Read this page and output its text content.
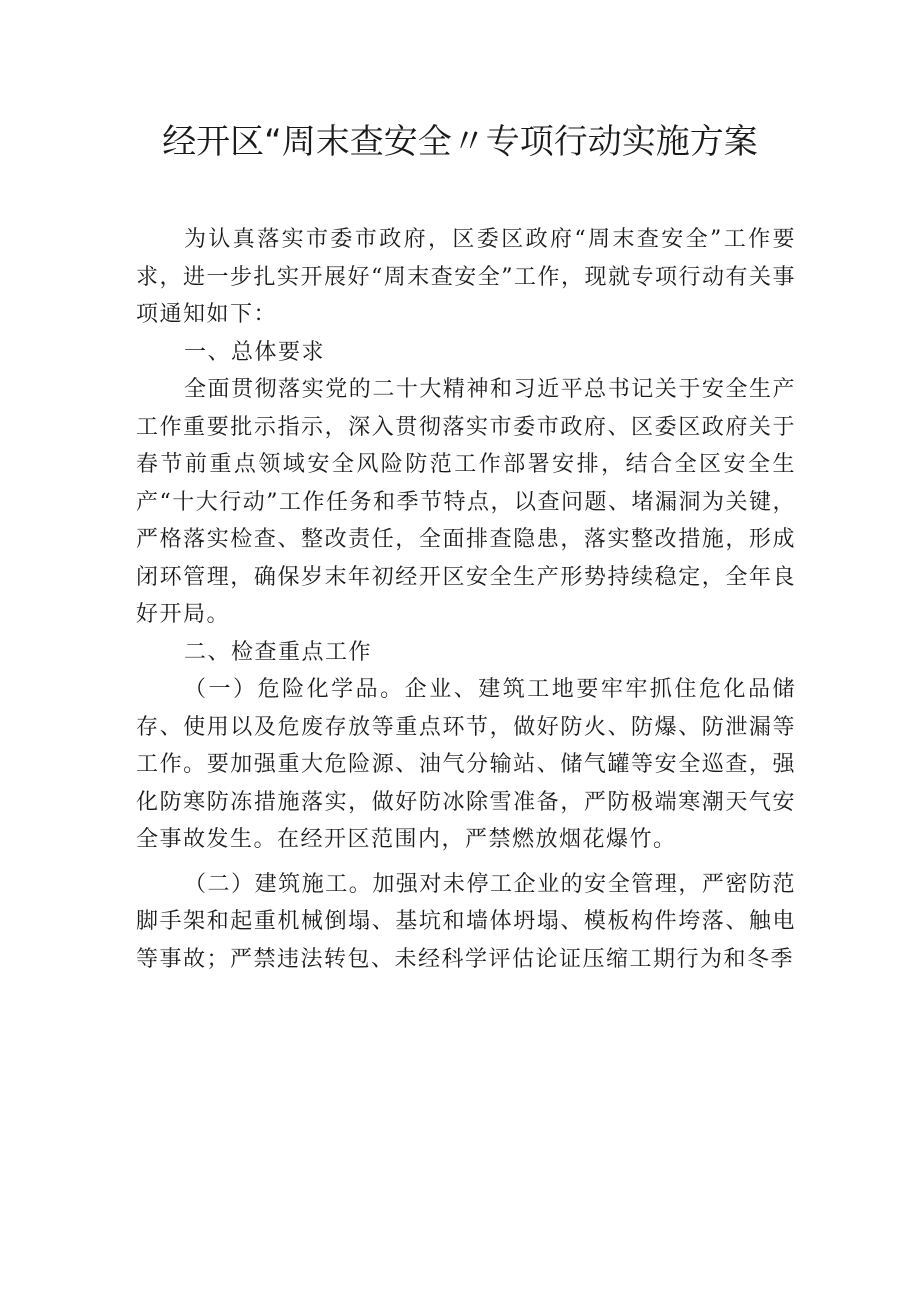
经开区“周末查安全〃专项行动实施方案

为认真落实市委市政府，区委区政府“周末查安全”工作要求，进一步扎实开展好“周末查安全”工作，现就专项行动有关事项通知如下：

一、总体要求

全面贯彻落实党的二十大精神和习近平总书记关于安全生产工作重要批示指示，深入贯彻落实市委市政府、区委区政府关于春节前重点领域安全风险防范工作部署安排，结合全区安全生产“十大行动”工作任务和季节特点，以查问题、堵漏洞为关键，严格落实检查、整改责任，全面排查隐患，落实整改措施，形成闭环管理，确保岁末年初经开区安全生产形势持续稳定，全年良好开局。

二、检查重点工作

（一）危险化学品。企业、建筑工地要牢牢抓住危化品储存、使用以及危废存放等重点环节，做好防火、防爆、防泄漏等工作。要加强重大危险源、油气分输站、储气罐等安全巡查，强化防寒防冻措施落实，做好防冰除雪准备，严防极端寒潮天气安全事故发生。在经开区范围内，严禁燃放烟花爆竹。

（二）建筑施工。加强对未停工企业的安全管理，严密防范脚手架和起重机械倒塌、基坑和墙体坍塌、模板构件垮落、触电等事故；严禁违法转包、未经科学评估论证压缩工期行为和冬季
